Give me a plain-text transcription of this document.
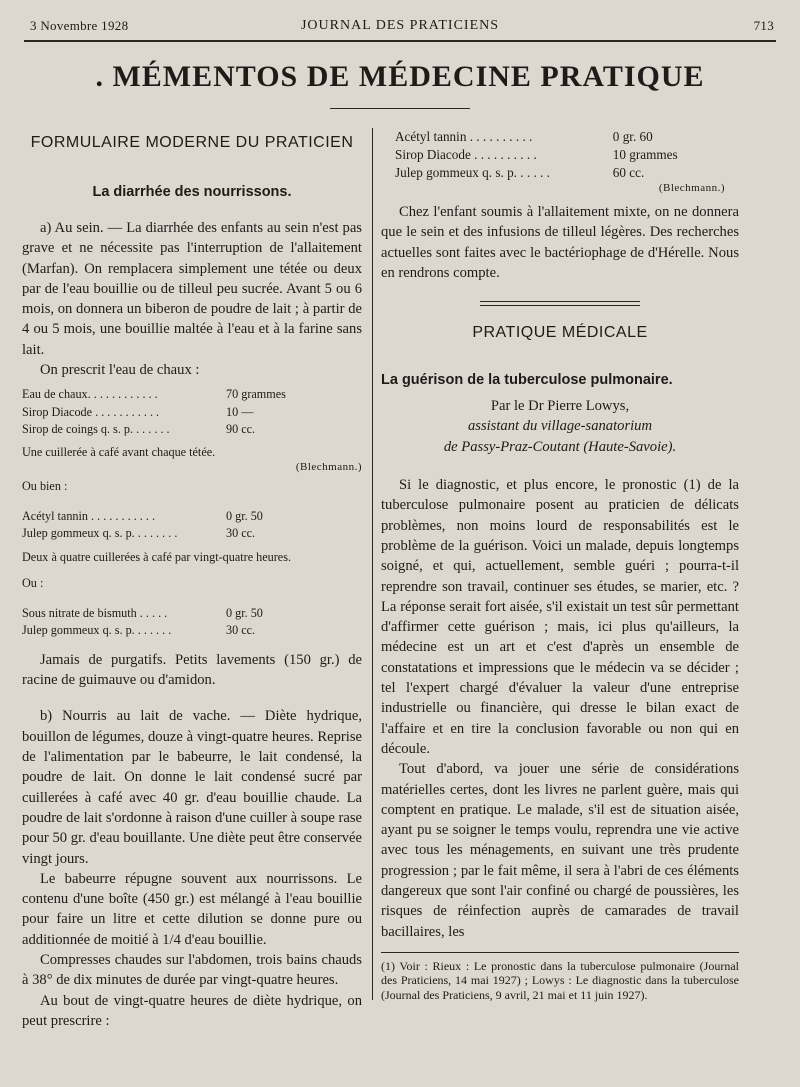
3 Novembre 1928	JOURNAL DES PRATICIENS	713
. MÉMENTOS DE MÉDECINE PRATIQUE

FORMULAIRE MODERNE DU PRATICIEN

La diarrhée des nourrissons.

a) Au sein. — La diarrhée des enfants au sein n'est pas grave et ne nécessite pas l'interruption de l'allaitement (Marfan). On remplacera simplement une tétée ou deux par de l'eau bouillie ou de tilleul peu sucrée. Avant 5 ou 6 mois, on donnera un biberon de poudre de lait ; à partir de 4 ou 5 mois, une bouillie maltée à l'eau et à la farine sans lait.

On prescrit l'eau de chaux :

Eau de chaux. . . . . . . . . . . .	70 grammes
Sirop Diacode . . . . . . . . . . .	10 —
Sirop de coings q. s. p. . . . . . .	90 cc.

Une cuillerée à café avant chaque tétée.

(Blechmann.)

Ou bien :

Acétyl tannin . . . . . . . . . . .	0 gr. 50
Julep gommeux q. s. p. . . . . . . .	30 cc.

Deux à quatre cuillerées à café par vingt-quatre heures.

Ou :

Sous nitrate de bismuth . . . . .	0 gr. 50
Julep gommeux q. s. p. . . . . . .	30 cc.

Jamais de purgatifs. Petits lavements (150 gr.) de racine de guimauve ou d'amidon.

b) Nourris au lait de vache. — Diète hydrique, bouillon de légumes, douze à vingt-quatre heures. Reprise de l'alimentation par le babeurre, le lait condensé, la poudre de lait. On donne le lait condensé sucré par cuillerées à café avec 40 gr. d'eau bouillie chaude. La poudre de lait s'ordonne à raison d'une cuiller à soupe rase pour 50 gr. d'eau bouillante. Une diète peut être conservée vingt jours.

Le babeurre répugne souvent aux nourrissons. Le contenu d'une boîte (450 gr.) est mélangé à l'eau bouillie pour faire un litre et cette dilution se donne pure ou additionnée de moitié à 1/4 d'eau bouillie.

Compresses chaudes sur l'abdomen, trois bains chauds à 38° de dix minutes de durée par vingt-quatre heures.

Au bout de vingt-quatre heures de diète hydrique, on peut prescrire :

Acétyl tannin . . . . . . . . . .	0 gr. 60
Sirop Diacode . . . . . . . . . .	10 grammes
Julep gommeux q. s. p. . . . . .	60 cc.

(Blechmann.)

Chez l'enfant soumis à l'allaitement mixte, on ne donnera que le sein et des infusions de tilleul légères. Des recherches actuelles sont faites avec le bactériophage de d'Hérelle. Nous en rendrons compte.

PRATIQUE MÉDICALE

La guérison de la tuberculose pulmonaire.

Par le Dr Pierre Lowys,

assistant du village-sanatorium

de Passy-Praz-Coutant (Haute-Savoie).

Si le diagnostic, et plus encore, le pronostic (1) de la tuberculose pulmonaire posent au praticien de délicats problèmes, non moins lourd de responsabilités est le problème de la guérison. Voici un malade, depuis longtemps soigné, et qui, actuellement, semble guéri ; pourra-t-il reprendre son travail, continuer ses études, se marier, etc. ? La réponse serait fort aisée, s'il existait un test sûr permettant d'affirmer cette guérison ; mais, ici plus qu'ailleurs, la médecine est un art et c'est d'après un ensemble de constatations et impressions que le médecin va se décider ; tel l'expert chargé d'évaluer la valeur d'une entreprise industrielle ou financière, qui dresse le bilan exact de l'affaire et en tire la conclusion favorable ou non qui en découle.

Tout d'abord, va jouer une série de considérations matérielles certes, dont les livres ne parlent guère, mais qui comptent en pratique. Le malade, s'il est de situation aisée, ayant pu se soigner le temps voulu, reprendra une vie active avec tous les ménagements, en suivant une très prudente progression ; par le fait même, il sera à l'abri de ces éléments dangereux que sont l'air confiné ou chargé de poussières, les risques de réinfection auprès de camarades de travail bacillaires, les

(1) Voir : Rieux : Le pronostic dans la tuberculose pulmonaire (Journal des Praticiens, 14 mai 1927) ; Lowys : Le diagnostic dans la tuberculose (Journal des Praticiens, 9 avril, 21 mai et 11 juin 1927).
